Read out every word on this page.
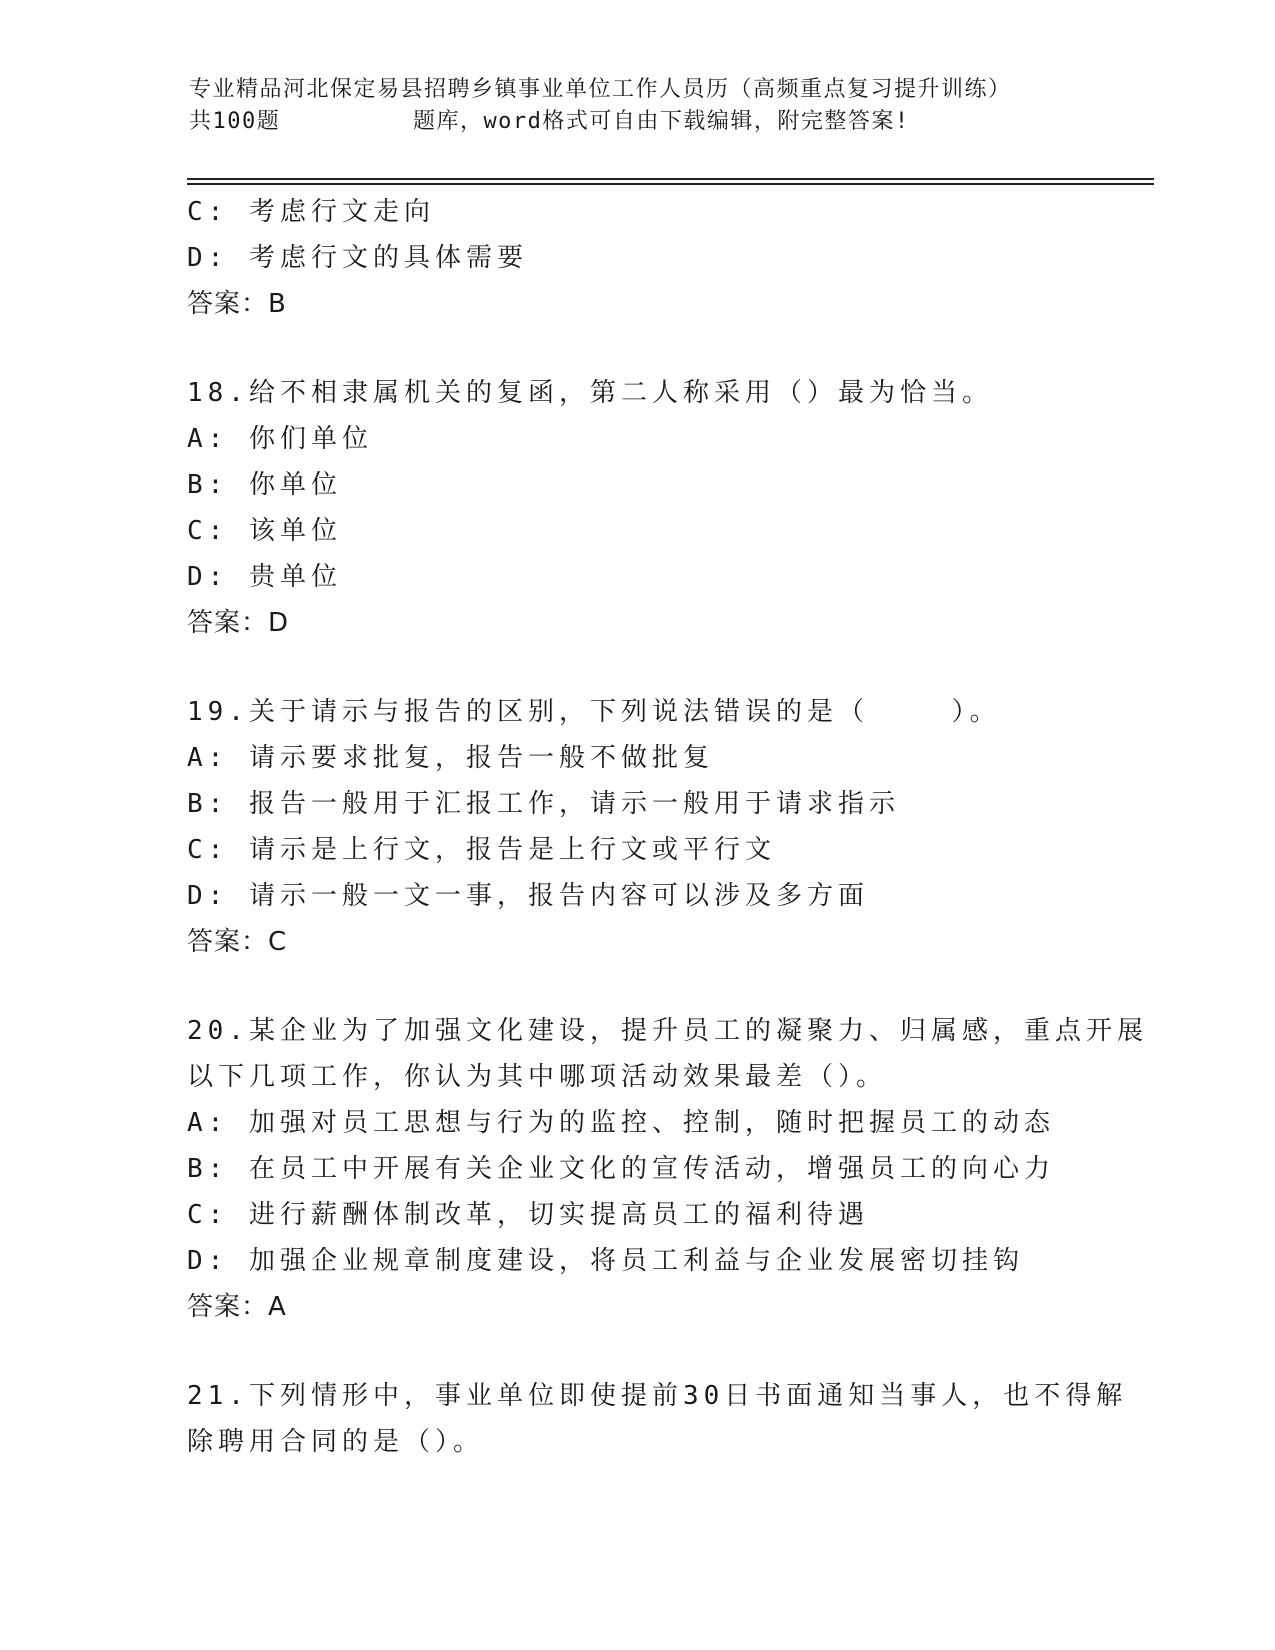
专业精品河北保定易县招聘乡镇事业单位工作人员历（高频重点复习提升训练）
共100题         题库，word格式可自由下载编辑，附完整答案!
C: 考虑行文走向
D: 考虑行文的具体需要
答案：B
18.给不相隶属机关的复函，第二人称采用（）最为恰当。
A: 你们单位
B: 你单位
C: 该单位
D: 贵单位
答案：D
19.关于请示与报告的区别，下列说法错误的是（    ）。
A: 请示要求批复，报告一般不做批复
B: 报告一般用于汇报工作，请示一般用于请求指示
C: 请示是上行文，报告是上行文或平行文
D: 请示一般一文一事，报告内容可以涉及多方面
答案：C
20.某企业为了加强文化建设，提升员工的凝聚力、归属感，重点开展
以下几项工作，你认为其中哪项活动效果最差（）。
A: 加强对员工思想与行为的监控、控制，随时把握员工的动态
B: 在员工中开展有关企业文化的宣传活动，增强员工的向心力
C: 进行薪酬体制改革，切实提高员工的福利待遇
D: 加强企业规章制度建设，将员工利益与企业发展密切挂钩
答案：A
21.下列情形中，事业单位即使提前30日书面通知当事人，也不得解
除聘用合同的是（）。
